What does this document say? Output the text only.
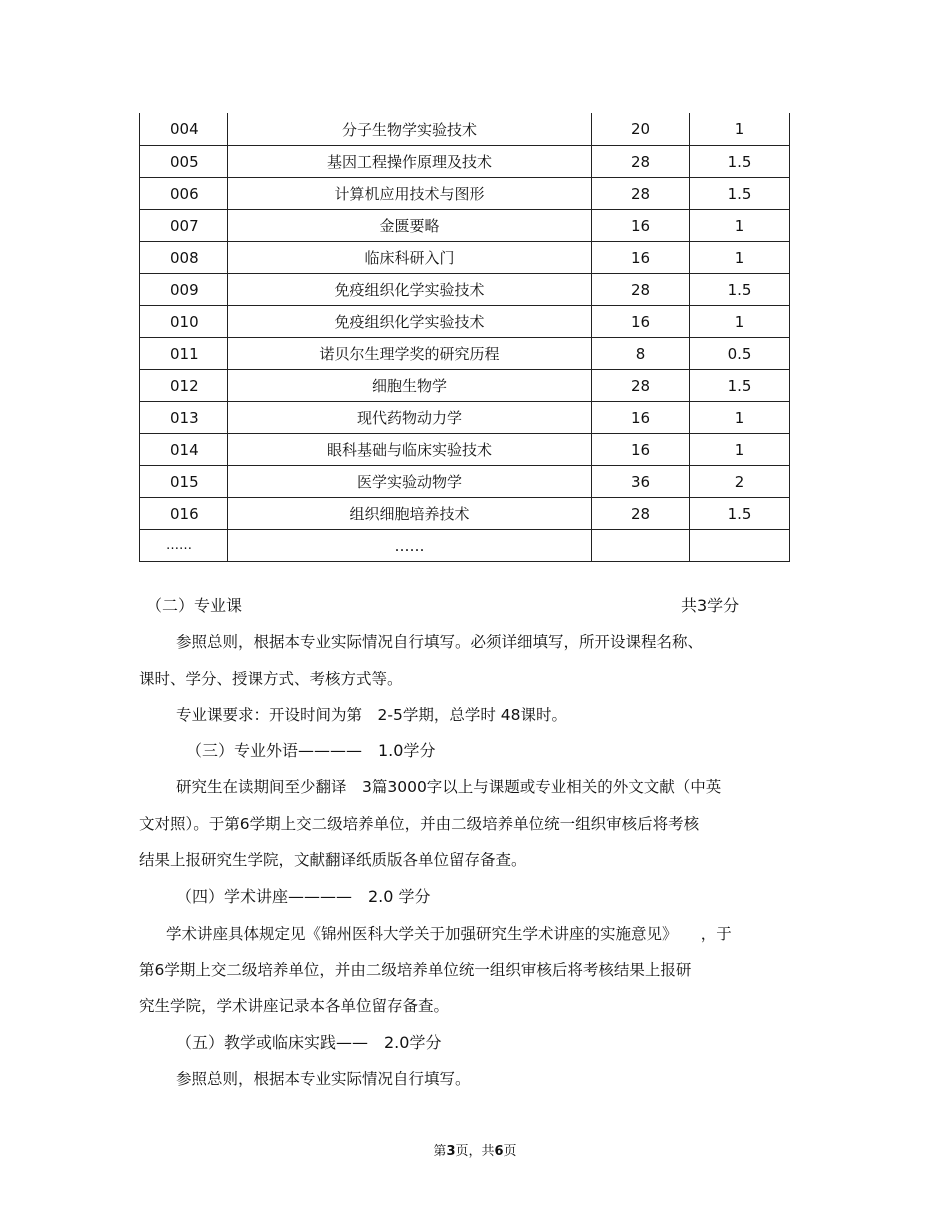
004	分子生物学实验技术	20	1
005	基因工程操作原理及技术	28	1.5
006	计算机应用技术与图形	28	1.5
007	金匮要略	16	1
008	临床科研入门	16	1
009	免疫组织化学实验技术	28	1.5
010	免疫组织化学实验技术	16	1
011	诺贝尔生理学奖的研究历程	8	0.5
012	细胞生物学	28	1.5
013	现代药物动力学	16	1
014	眼科基础与临床实验技术	16	1
015	医学实验动物学	36	2
016	组织细胞培养技术	28	1.5
……	……		
（二）专业课	共3学分
参照总则，根据本专业实际情况自行填写。必须详细填写，所开设课程名称、
课时、学分、授课方式、考核方式等。
专业课要求：开设时间为第　2-5学期，总学时 48课时。
（三）专业外语————　1.0学分
研究生在读期间至少翻译　3篇3000字以上与课题或专业相关的外文文献（中英
文对照）。于第6学期上交二级培养单位，并由二级培养单位统一组织审核后将考核
结果上报研究生学院，文献翻译纸质版各单位留存备查。
（四）学术讲座————　2.0 学分
学术讲座具体规定见《锦州医科大学关于加强研究生学术讲座的实施意见》　　，于
第6学期上交二级培养单位，并由二级培养单位统一组织审核后将考核结果上报研
究生学院，学术讲座记录本各单位留存备查。
（五）教学或临床实践——　2.0学分
参照总则，根据本专业实际情况自行填写。
第3页，共6页
